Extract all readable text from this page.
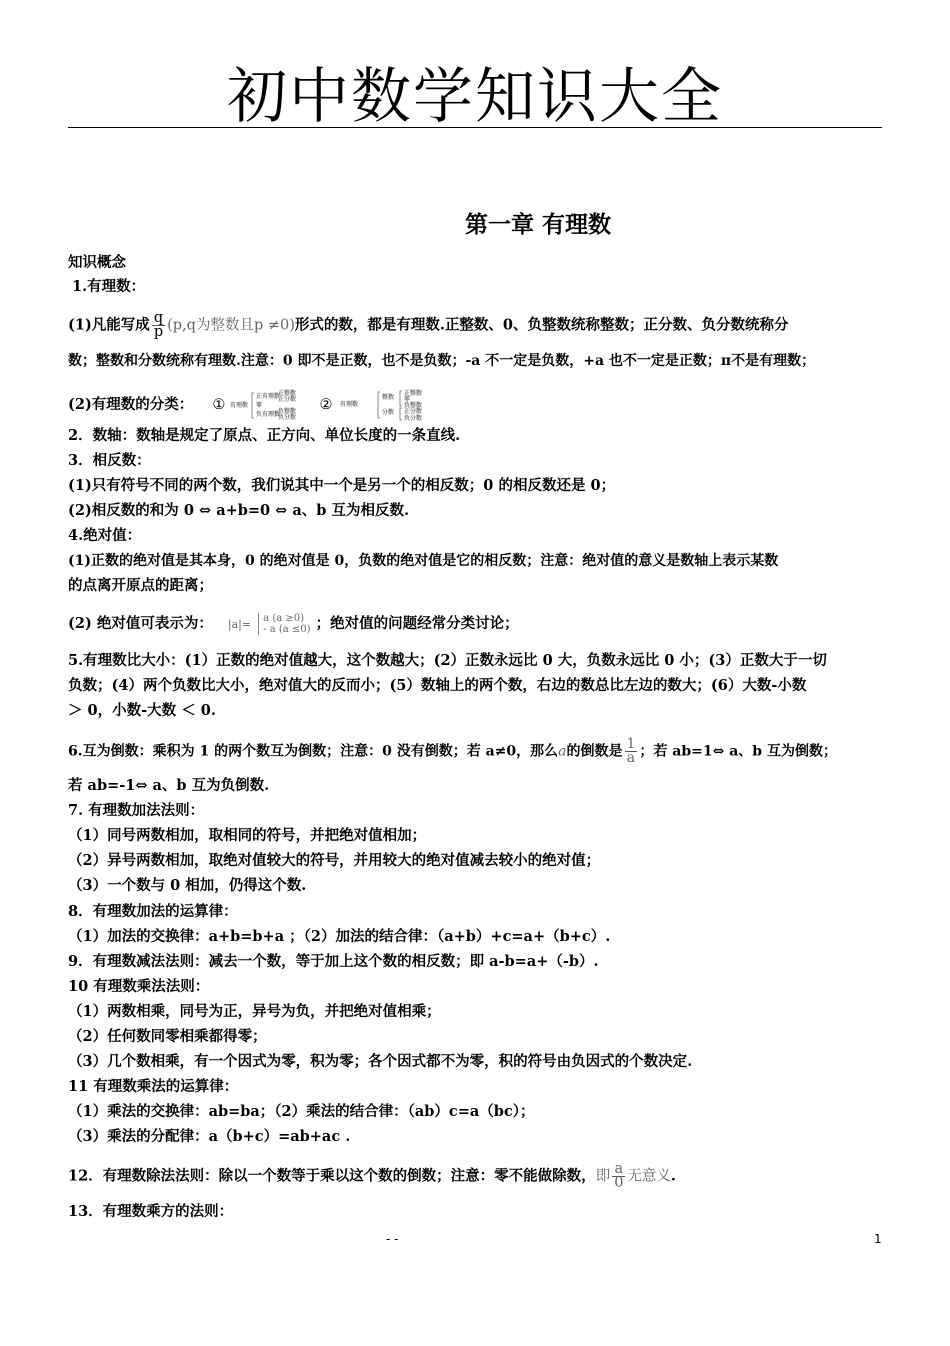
初中数学知识大全
第一章 有理数
知识概念
1.有理数：
(1)凡能写成 $\frac{q}{p} (p,q$为整数且p ≠0)形式的数，都是有理数.正整数、0、负整数统称整数；正分数、负分数统称分
数；整数和分数统称有理数.注意：0 即不是正数，也不是负数；-a 不一定是负数，+a 也不一定是正数；π不是有理数；
(2)有理数的分类： ① 有理数
正有理数
零
负有理数
正整数
正分数
负整数
负分数
② 有理数
整数
分数
正整数
零
负整数
正分数
负分数
2．数轴：数轴是规定了原点、正方向、单位长度的一条直线.
3．相反数：
(1)只有符号不同的两个数，我们说其中一个是另一个的相反数；0 的相反数还是 0；
(2)相反数的和为 0 ⇔ a+b=0 ⇔ a、b 互为相反数.
4.绝对值：
(1)正数的绝对值是其本身，0 的绝对值是 0，负数的绝对值是它的相反数；注意：绝对值的意义是数轴上表示某数
的点离开原点的距离；
(2) 绝对值可表示为： |a|= a (a ≥0)
- a (a ≤0) ；绝对值的问题经常分类讨论；
5.有理数比大小：(1）正数的绝对值越大，这个数越大；(2）正数永远比 0 大，负数永远比 0 小；(3）正数大于一切
负数；(4）两个负数比大小，绝对值大的反而小；(5）数轴上的两个数，右边的数总比左边的数大；(6）大数-小数
＞ 0，小数-大数 ＜ 0.
6.互为倒数：乘积为 1 的两个数互为倒数；注意：0 没有倒数；若 a≠0，那么a的倒数是 $\frac{1}{a}$ ；若 ab=1⇔ a、b 互为倒数；
若 ab=-1⇔ a、b 互为负倒数.
7. 有理数加法法则：
（1）同号两数相加，取相同的符号，并把绝对值相加；
（2）异号两数相加，取绝对值较大的符号，并用较大的绝对值减去较小的绝对值；
（3）一个数与 0 相加，仍得这个数.
8．有理数加法的运算律：
（1）加法的交换律：a+b=b+a ；（2）加法的结合律：（a+b）+c=a+（b+c）.
9．有理数减法法则：减去一个数，等于加上这个数的相反数；即 a-b=a+（-b）.
10 有理数乘法法则：
（1）两数相乘，同号为正，异号为负，并把绝对值相乘；
（2）任何数同零相乘都得零；
（3）几个数相乘，有一个因式为零，积为零；各个因式都不为零，积的符号由负因式的个数决定.
11 有理数乘法的运算律：
（1）乘法的交换律：ab=ba；（2）乘法的结合律：（ab）c=a（bc）；
（3）乘法的分配律：a（b+c）=ab+ac .
12．有理数除法法则：除以一个数等于乘以这个数的倒数；注意：零不能做除数，即 $\frac{a}{0}$ 无意义.
13．有理数乘方的法则：
- -	1
